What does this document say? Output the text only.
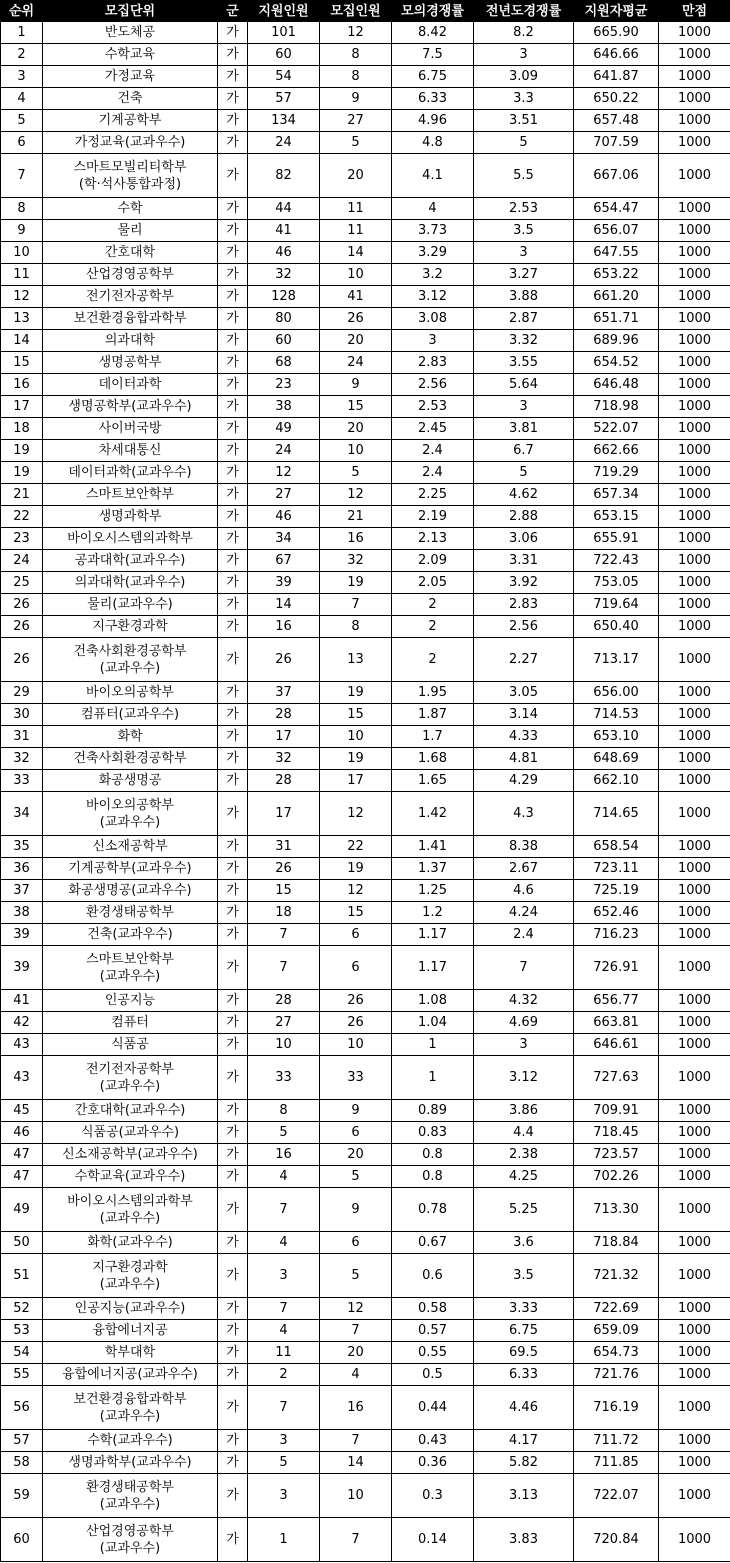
순위	모집단위	군	지원인원	모집인원	모의경쟁률	전년도경쟁률	지원자평균	만점
1	반도체공	가	101	12	8.42	8.2	665.90	1000
2	수학교육	가	60	8	7.5	3	646.66	1000
3	가정교육	가	54	8	6.75	3.09	641.87	1000
4	건축	가	57	9	6.33	3.3	650.22	1000
5	기계공학부	가	134	27	4.96	3.51	657.48	1000
6	가정교육(교과우수)	가	24	5	4.8	5	707.59	1000
7	스마트모빌리티학부
(학·석사통합과정)	가	82	20	4.1	5.5	667.06	1000
8	수학	가	44	11	4	2.53	654.47	1000
9	물리	가	41	11	3.73	3.5	656.07	1000
10	간호대학	가	46	14	3.29	3	647.55	1000
11	산업경영공학부	가	32	10	3.2	3.27	653.22	1000
12	전기전자공학부	가	128	41	3.12	3.88	661.20	1000
13	보건환경융합과학부	가	80	26	3.08	2.87	651.71	1000
14	의과대학	가	60	20	3	3.32	689.96	1000
15	생명공학부	가	68	24	2.83	3.55	654.52	1000
16	데이터과학	가	23	9	2.56	5.64	646.48	1000
17	생명공학부(교과우수)	가	38	15	2.53	3	718.98	1000
18	사이버국방	가	49	20	2.45	3.81	522.07	1000
19	차세대통신	가	24	10	2.4	6.7	662.66	1000
19	데이터과학(교과우수)	가	12	5	2.4	5	719.29	1000
21	스마트보안학부	가	27	12	2.25	4.62	657.34	1000
22	생명과학부	가	46	21	2.19	2.88	653.15	1000
23	바이오시스템의과학부	가	34	16	2.13	3.06	655.91	1000
24	공과대학(교과우수)	가	67	32	2.09	3.31	722.43	1000
25	의과대학(교과우수)	가	39	19	2.05	3.92	753.05	1000
26	물리(교과우수)	가	14	7	2	2.83	719.64	1000
26	지구환경과학	가	16	8	2	2.56	650.40	1000
26	건축사회환경공학부
(교과우수)	가	26	13	2	2.27	713.17	1000
29	바이오의공학부	가	37	19	1.95	3.05	656.00	1000
30	컴퓨터(교과우수)	가	28	15	1.87	3.14	714.53	1000
31	화학	가	17	10	1.7	4.33	653.10	1000
32	건축사회환경공학부	가	32	19	1.68	4.81	648.69	1000
33	화공생명공	가	28	17	1.65	4.29	662.10	1000
34	바이오의공학부
(교과우수)	가	17	12	1.42	4.3	714.65	1000
35	신소재공학부	가	31	22	1.41	8.38	658.54	1000
36	기계공학부(교과우수)	가	26	19	1.37	2.67	723.11	1000
37	화공생명공(교과우수)	가	15	12	1.25	4.6	725.19	1000
38	환경생태공학부	가	18	15	1.2	4.24	652.46	1000
39	건축(교과우수)	가	7	6	1.17	2.4	716.23	1000
39	스마트보안학부
(교과우수)	가	7	6	1.17	7	726.91	1000
41	인공지능	가	28	26	1.08	4.32	656.77	1000
42	컴퓨터	가	27	26	1.04	4.69	663.81	1000
43	식품공	가	10	10	1	3	646.61	1000
43	전기전자공학부
(교과우수)	가	33	33	1	3.12	727.63	1000
45	간호대학(교과우수)	가	8	9	0.89	3.86	709.91	1000
46	식품공(교과우수)	가	5	6	0.83	4.4	718.45	1000
47	신소재공학부(교과우수)	가	16	20	0.8	2.38	723.57	1000
47	수학교육(교과우수)	가	4	5	0.8	4.25	702.26	1000
49	바이오시스템의과학부
(교과우수)	가	7	9	0.78	5.25	713.30	1000
50	화학(교과우수)	가	4	6	0.67	3.6	718.84	1000
51	지구환경과학
(교과우수)	가	3	5	0.6	3.5	721.32	1000
52	인공지능(교과우수)	가	7	12	0.58	3.33	722.69	1000
53	융합에너지공	가	4	7	0.57	6.75	659.09	1000
54	학부대학	가	11	20	0.55	69.5	654.73	1000
55	융합에너지공(교과우수)	가	2	4	0.5	6.33	721.76	1000
56	보건환경융합과학부
(교과우수)	가	7	16	0.44	4.46	716.19	1000
57	수학(교과우수)	가	3	7	0.43	4.17	711.72	1000
58	생명과학부(교과우수)	가	5	14	0.36	5.82	711.85	1000
59	환경생태공학부
(교과우수)	가	3	10	0.3	3.13	722.07	1000
60	산업경영공학부
(교과우수)	가	1	7	0.14	3.83	720.84	1000
